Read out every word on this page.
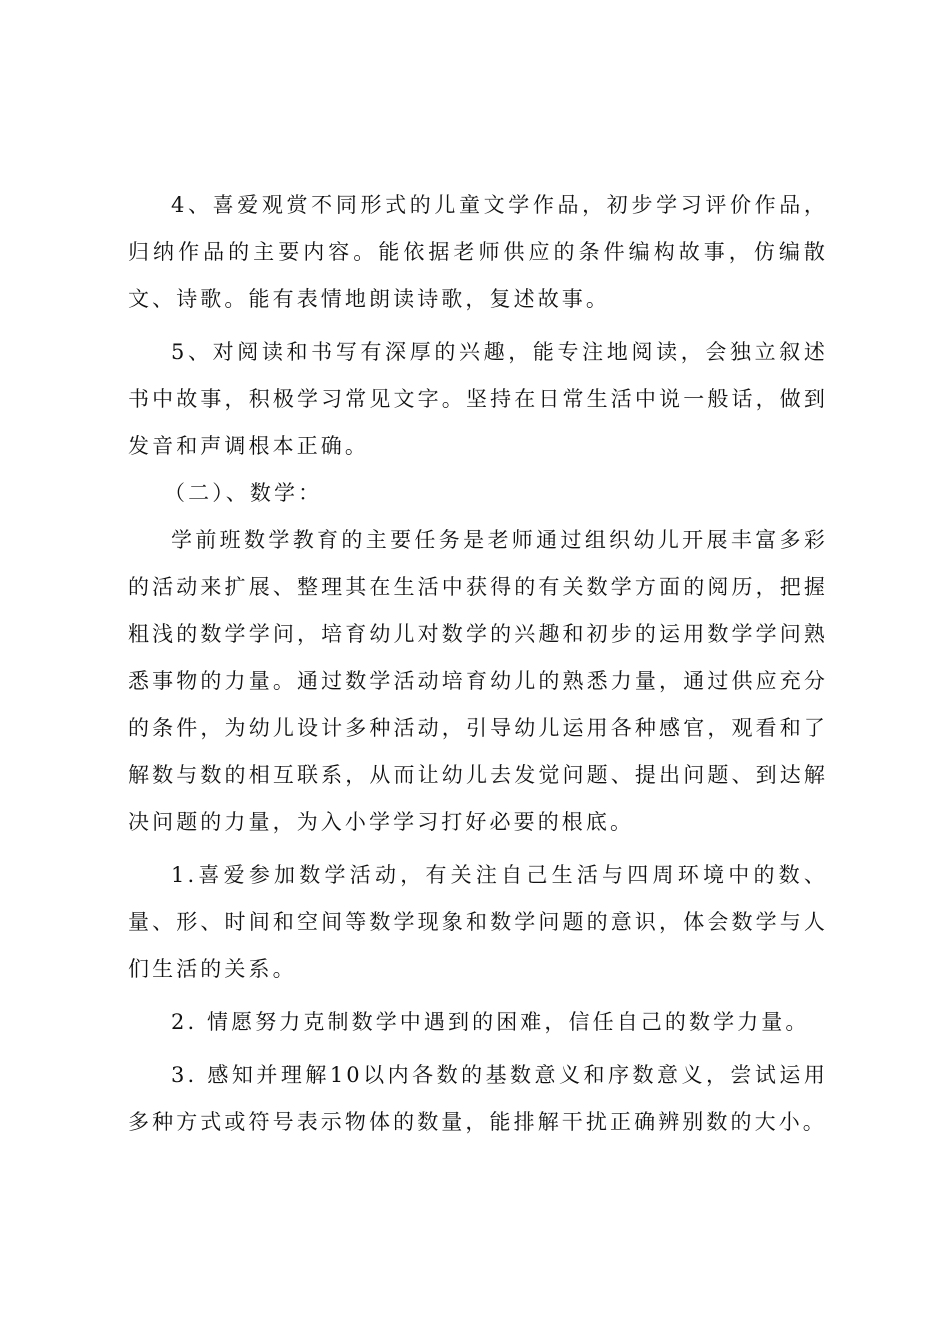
4、喜爱观赏不同形式的儿童文学作品，初步学习评价作品，归纳作品的主要内容。能依据老师供应的条件编构故事，仿编散文、诗歌。能有表情地朗读诗歌，复述故事。

5、对阅读和书写有深厚的兴趣，能专注地阅读，会独立叙述书中故事，积极学习常见文字。坚持在日常生活中说一般话，做到发音和声调根本正确。

（二）、数学：

学前班数学教育的主要任务是老师通过组织幼儿开展丰富多彩的活动来扩展、整理其在生活中获得的有关数学方面的阅历，把握粗浅的数学学问，培育幼儿对数学的兴趣和初步的运用数学学问熟悉事物的力量。通过数学活动培育幼儿的熟悉力量，通过供应充分的条件，为幼儿设计多种活动，引导幼儿运用各种感官，观看和了解数与数的相互联系，从而让幼儿去发觉问题、提出问题、到达解决问题的力量，为入小学学习打好必要的根底。

1.喜爱参加数学活动，有关注自己生活与四周环境中的数、量、形、时间和空间等数学现象和数学问题的意识，体会数学与人们生活的关系。

2. 情愿努力克制数学中遇到的困难，信任自己的数学力量。

3. 感知并理解10以内各数的基数意义和序数意义，尝试运用多种方式或符号表示物体的数量，能排解干扰正确辨别数的大小。
